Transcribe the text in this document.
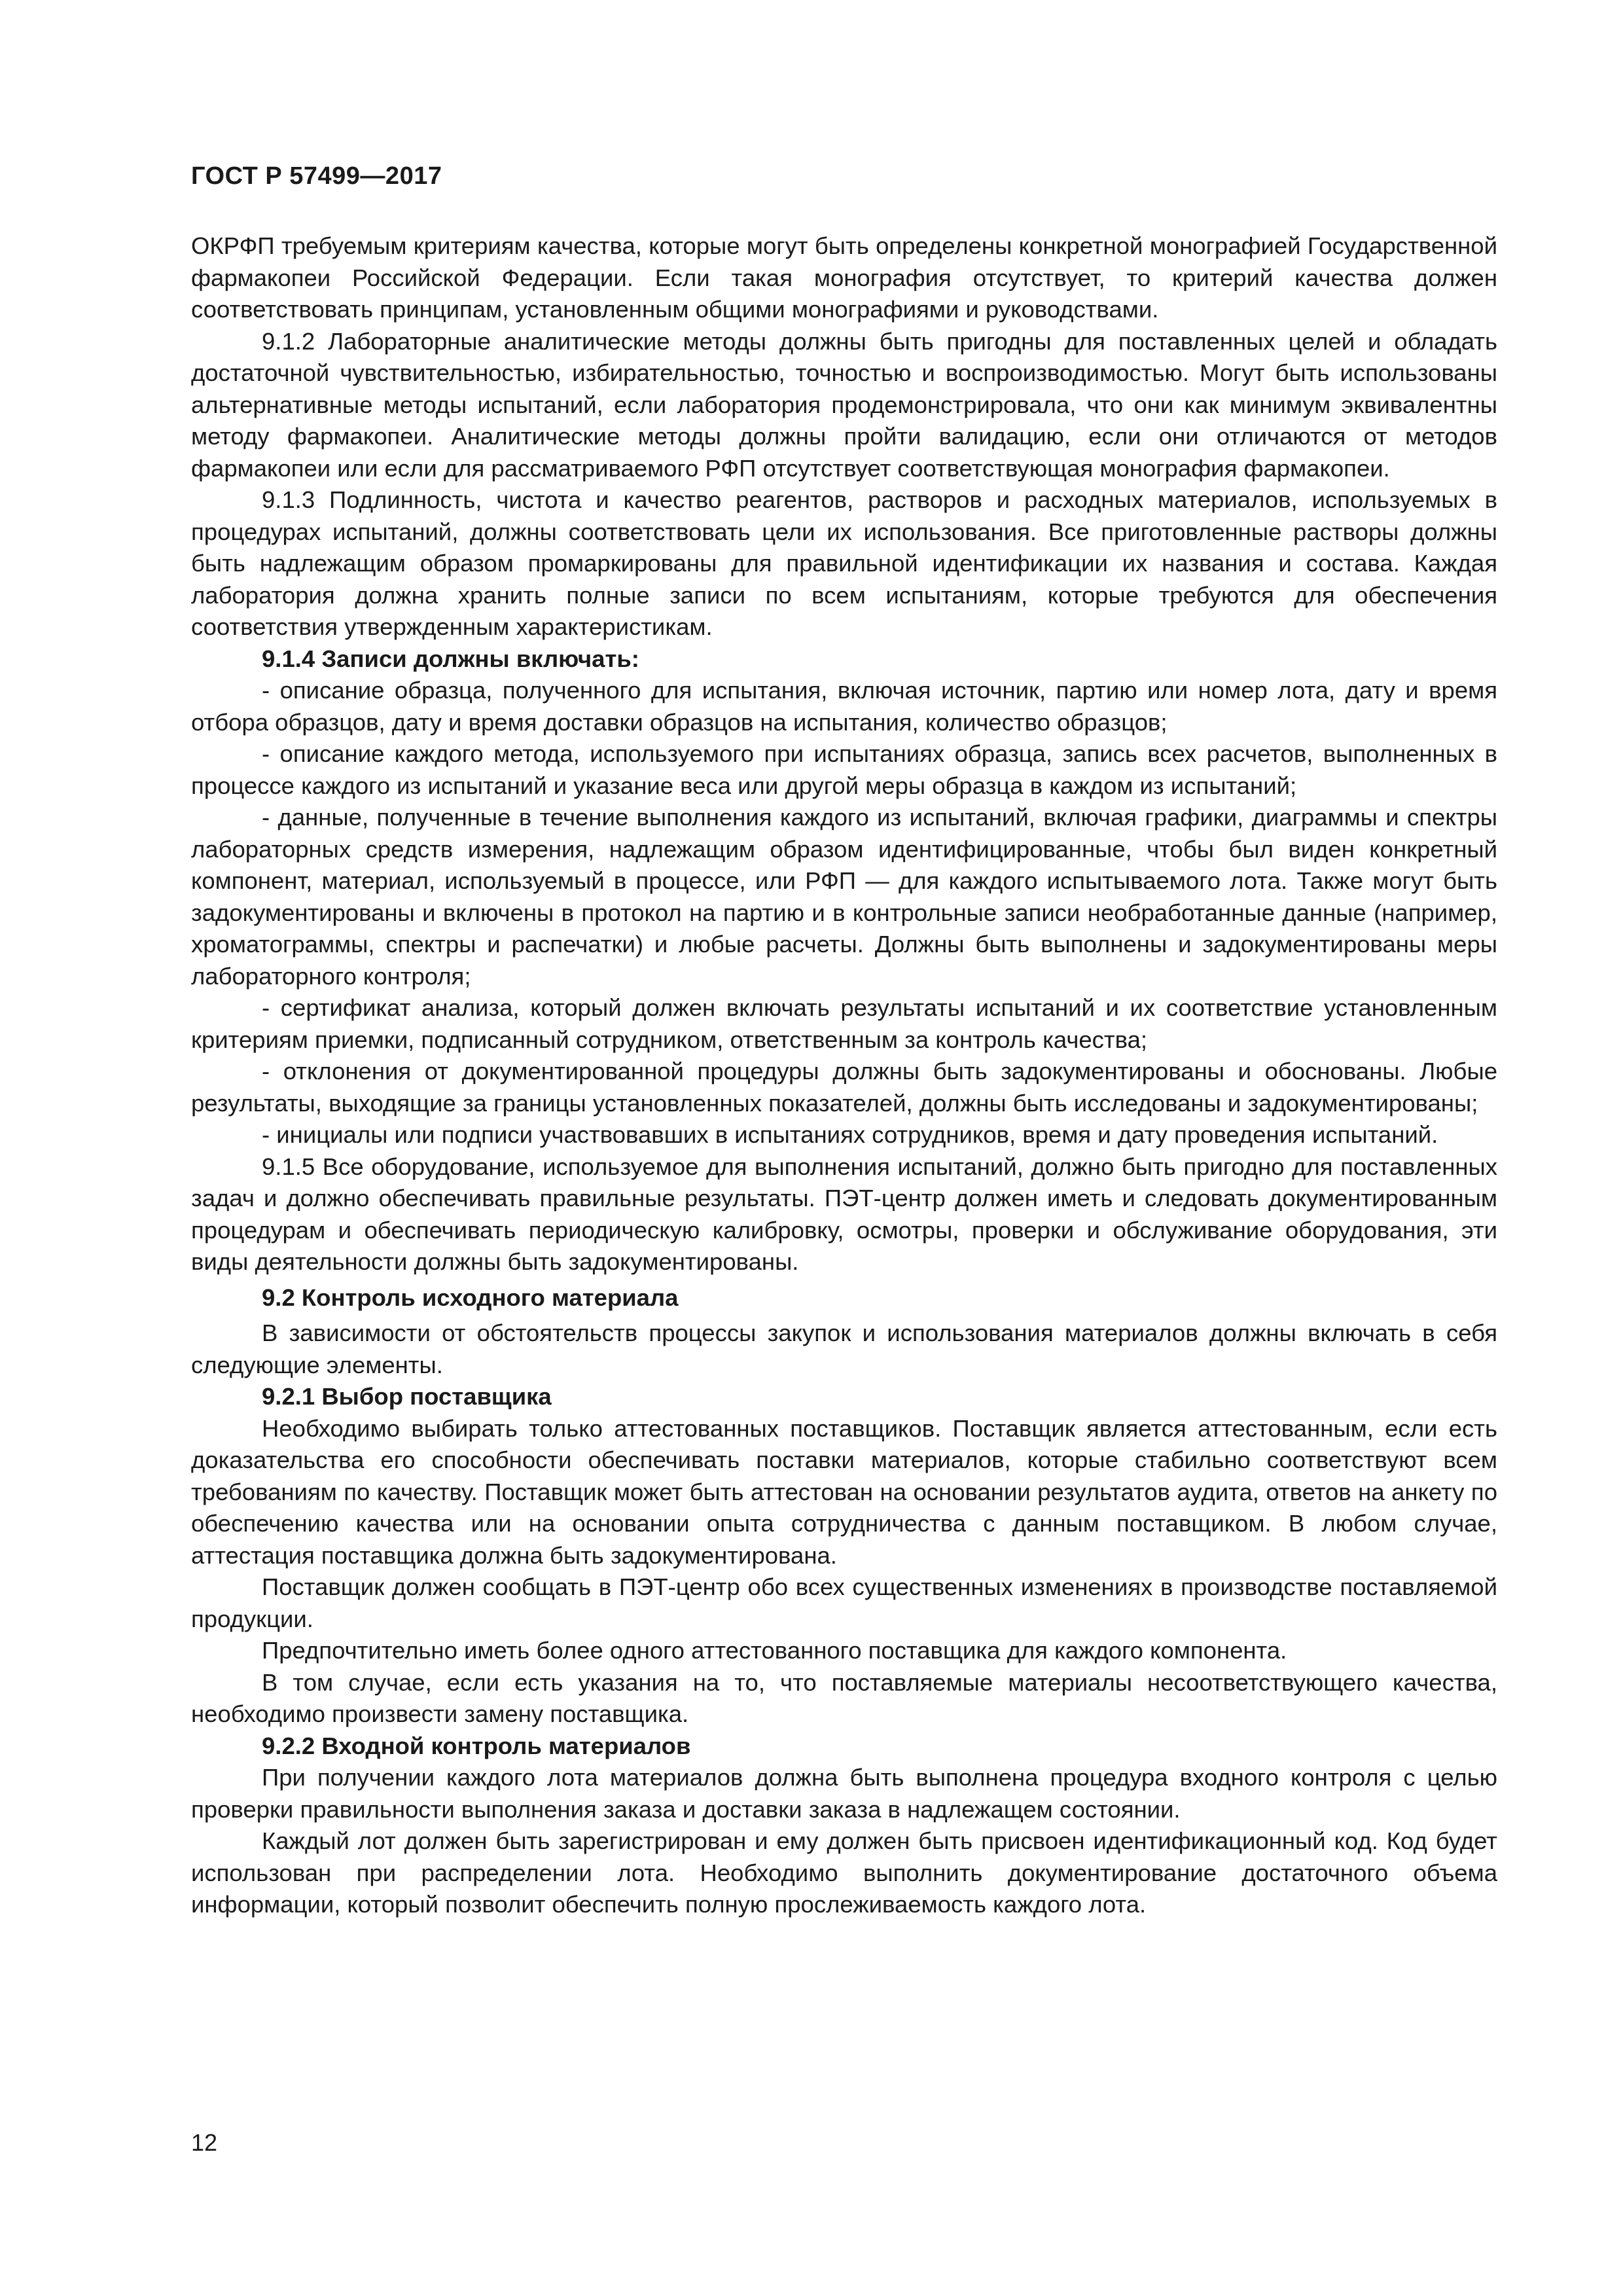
ГОСТ Р 57499—2017

ОКРФП требуемым критериям качества, которые могут быть определены конкретной монографией Государственной фармакопеи Российской Федерации. Если такая монография отсутствует, то критерий качества должен соответствовать принципам, установленным общими монографиями и руководствами.

9.1.2 Лабораторные аналитические методы должны быть пригодны для поставленных целей и обладать достаточной чувствительностью, избирательностью, точностью и воспроизводимостью. Могут быть использованы альтернативные методы испытаний, если лаборатория продемонстрировала, что они как минимум эквивалентны методу фармакопеи. Аналитические методы должны пройти валидацию, если они отличаются от методов фармакопеи или если для рассматриваемого РФП отсутствует соответствующая монография фармакопеи.

9.1.3 Подлинность, чистота и качество реагентов, растворов и расходных материалов, используемых в процедурах испытаний, должны соответствовать цели их использования. Все приготовленные растворы должны быть надлежащим образом промаркированы для правильной идентификации их названия и состава. Каждая лаборатория должна хранить полные записи по всем испытаниям, которые требуются для обеспечения соответствия утвержденным характеристикам.

9.1.4 Записи должны включать:

- описание образца, полученного для испытания, включая источник, партию или номер лота, дату и время отбора образцов, дату и время доставки образцов на испытания, количество образцов;

- описание каждого метода, используемого при испытаниях образца, запись всех расчетов, выполненных в процессе каждого из испытаний и указание веса или другой меры образца в каждом из испытаний;

- данные, полученные в течение выполнения каждого из испытаний, включая графики, диаграммы и спектры лабораторных средств измерения, надлежащим образом идентифицированные, чтобы был виден конкретный компонент, материал, используемый в процессе, или РФП — для каждого испытываемого лота. Также могут быть задокументированы и включены в протокол на партию и в контрольные записи необработанные данные (например, хроматограммы, спектры и распечатки) и любые расчеты. Должны быть выполнены и задокументированы меры лабораторного контроля;

- сертификат анализа, который должен включать результаты испытаний и их соответствие установленным критериям приемки, подписанный сотрудником, ответственным за контроль качества;

- отклонения от документированной процедуры должны быть задокументированы и обоснованы. Любые результаты, выходящие за границы установленных показателей, должны быть исследованы и задокументированы;

- инициалы или подписи участвовавших в испытаниях сотрудников, время и дату проведения испытаний.

9.1.5 Все оборудование, используемое для выполнения испытаний, должно быть пригодно для поставленных задач и должно обеспечивать правильные результаты. ПЭТ-центр должен иметь и следовать документированным процедурам и обеспечивать периодическую калибровку, осмотры, проверки и обслуживание оборудования, эти виды деятельности должны быть задокументированы.

9.2 Контроль исходного материала

В зависимости от обстоятельств процессы закупок и использования материалов должны включать в себя следующие элементы.

9.2.1 Выбор поставщика

Необходимо выбирать только аттестованных поставщиков. Поставщик является аттестованным, если есть доказательства его способности обеспечивать поставки материалов, которые стабильно соответствуют всем требованиям по качеству. Поставщик может быть аттестован на основании результатов аудита, ответов на анкету по обеспечению качества или на основании опыта сотрудничества с данным поставщиком. В любом случае, аттестация поставщика должна быть задокументирована.

Поставщик должен сообщать в ПЭТ-центр обо всех существенных изменениях в производстве поставляемой продукции.

Предпочтительно иметь более одного аттестованного поставщика для каждого компонента.

В том случае, если есть указания на то, что поставляемые материалы несоответствующего качества, необходимо произвести замену поставщика.

9.2.2 Входной контроль материалов

При получении каждого лота материалов должна быть выполнена процедура входного контроля с целью проверки правильности выполнения заказа и доставки заказа в надлежащем состоянии.

Каждый лот должен быть зарегистрирован и ему должен быть присвоен идентификационный код. Код будет использован при распределении лота. Необходимо выполнить документирование достаточного объема информации, который позволит обеспечить полную прослеживаемость каждого лота.

12
